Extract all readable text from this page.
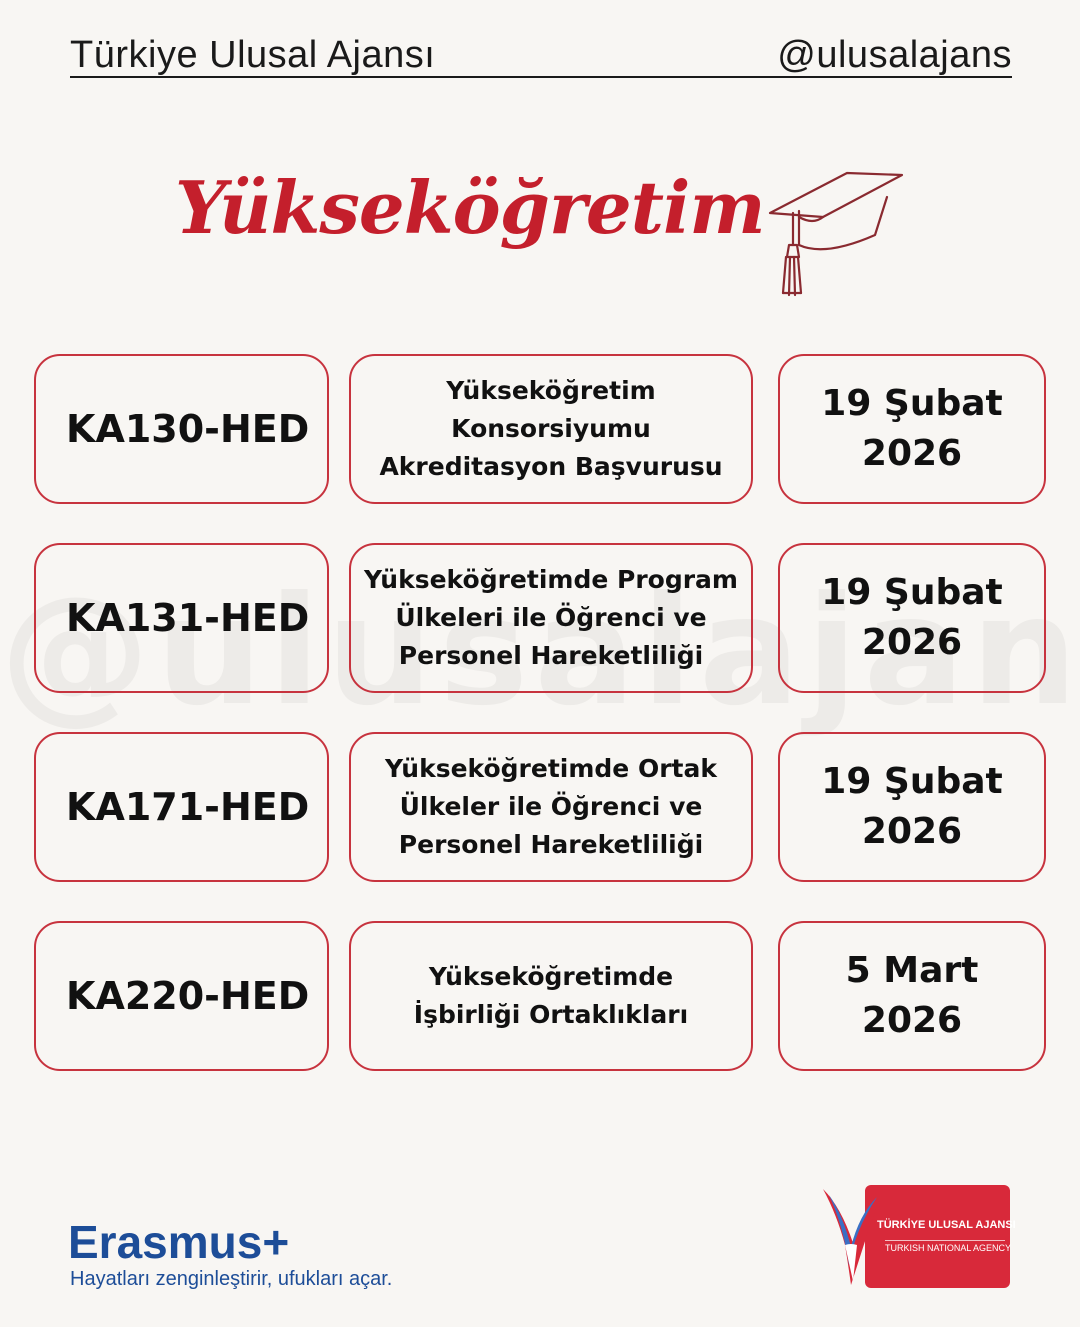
Türkiye Ulusal Ajansı	@ulusalajans
Yükseköğretim
KA130-HED
Yükseköğretim
Konsorsiyumu
Akreditasyon Başvurusu
19 Şubat
2026
KA131-HED
Yükseköğretimde Program
Ülkeleri ile Öğrenci ve
Personel Hareketliliği
19 Şubat
2026
KA171-HED
Yükseköğretimde Ortak
Ülkeler ile Öğrenci ve
Personel Hareketliliği
19 Şubat
2026
KA220-HED	Yükseköğretimde
İşbirliği Ortaklıkları
5 Mart
2026
Erasmus+
Hayatları zenginleştirir, ufukları açar.
TÜRKİYE ULUSAL AJANSI
TURKISH NATIONAL AGENCY
